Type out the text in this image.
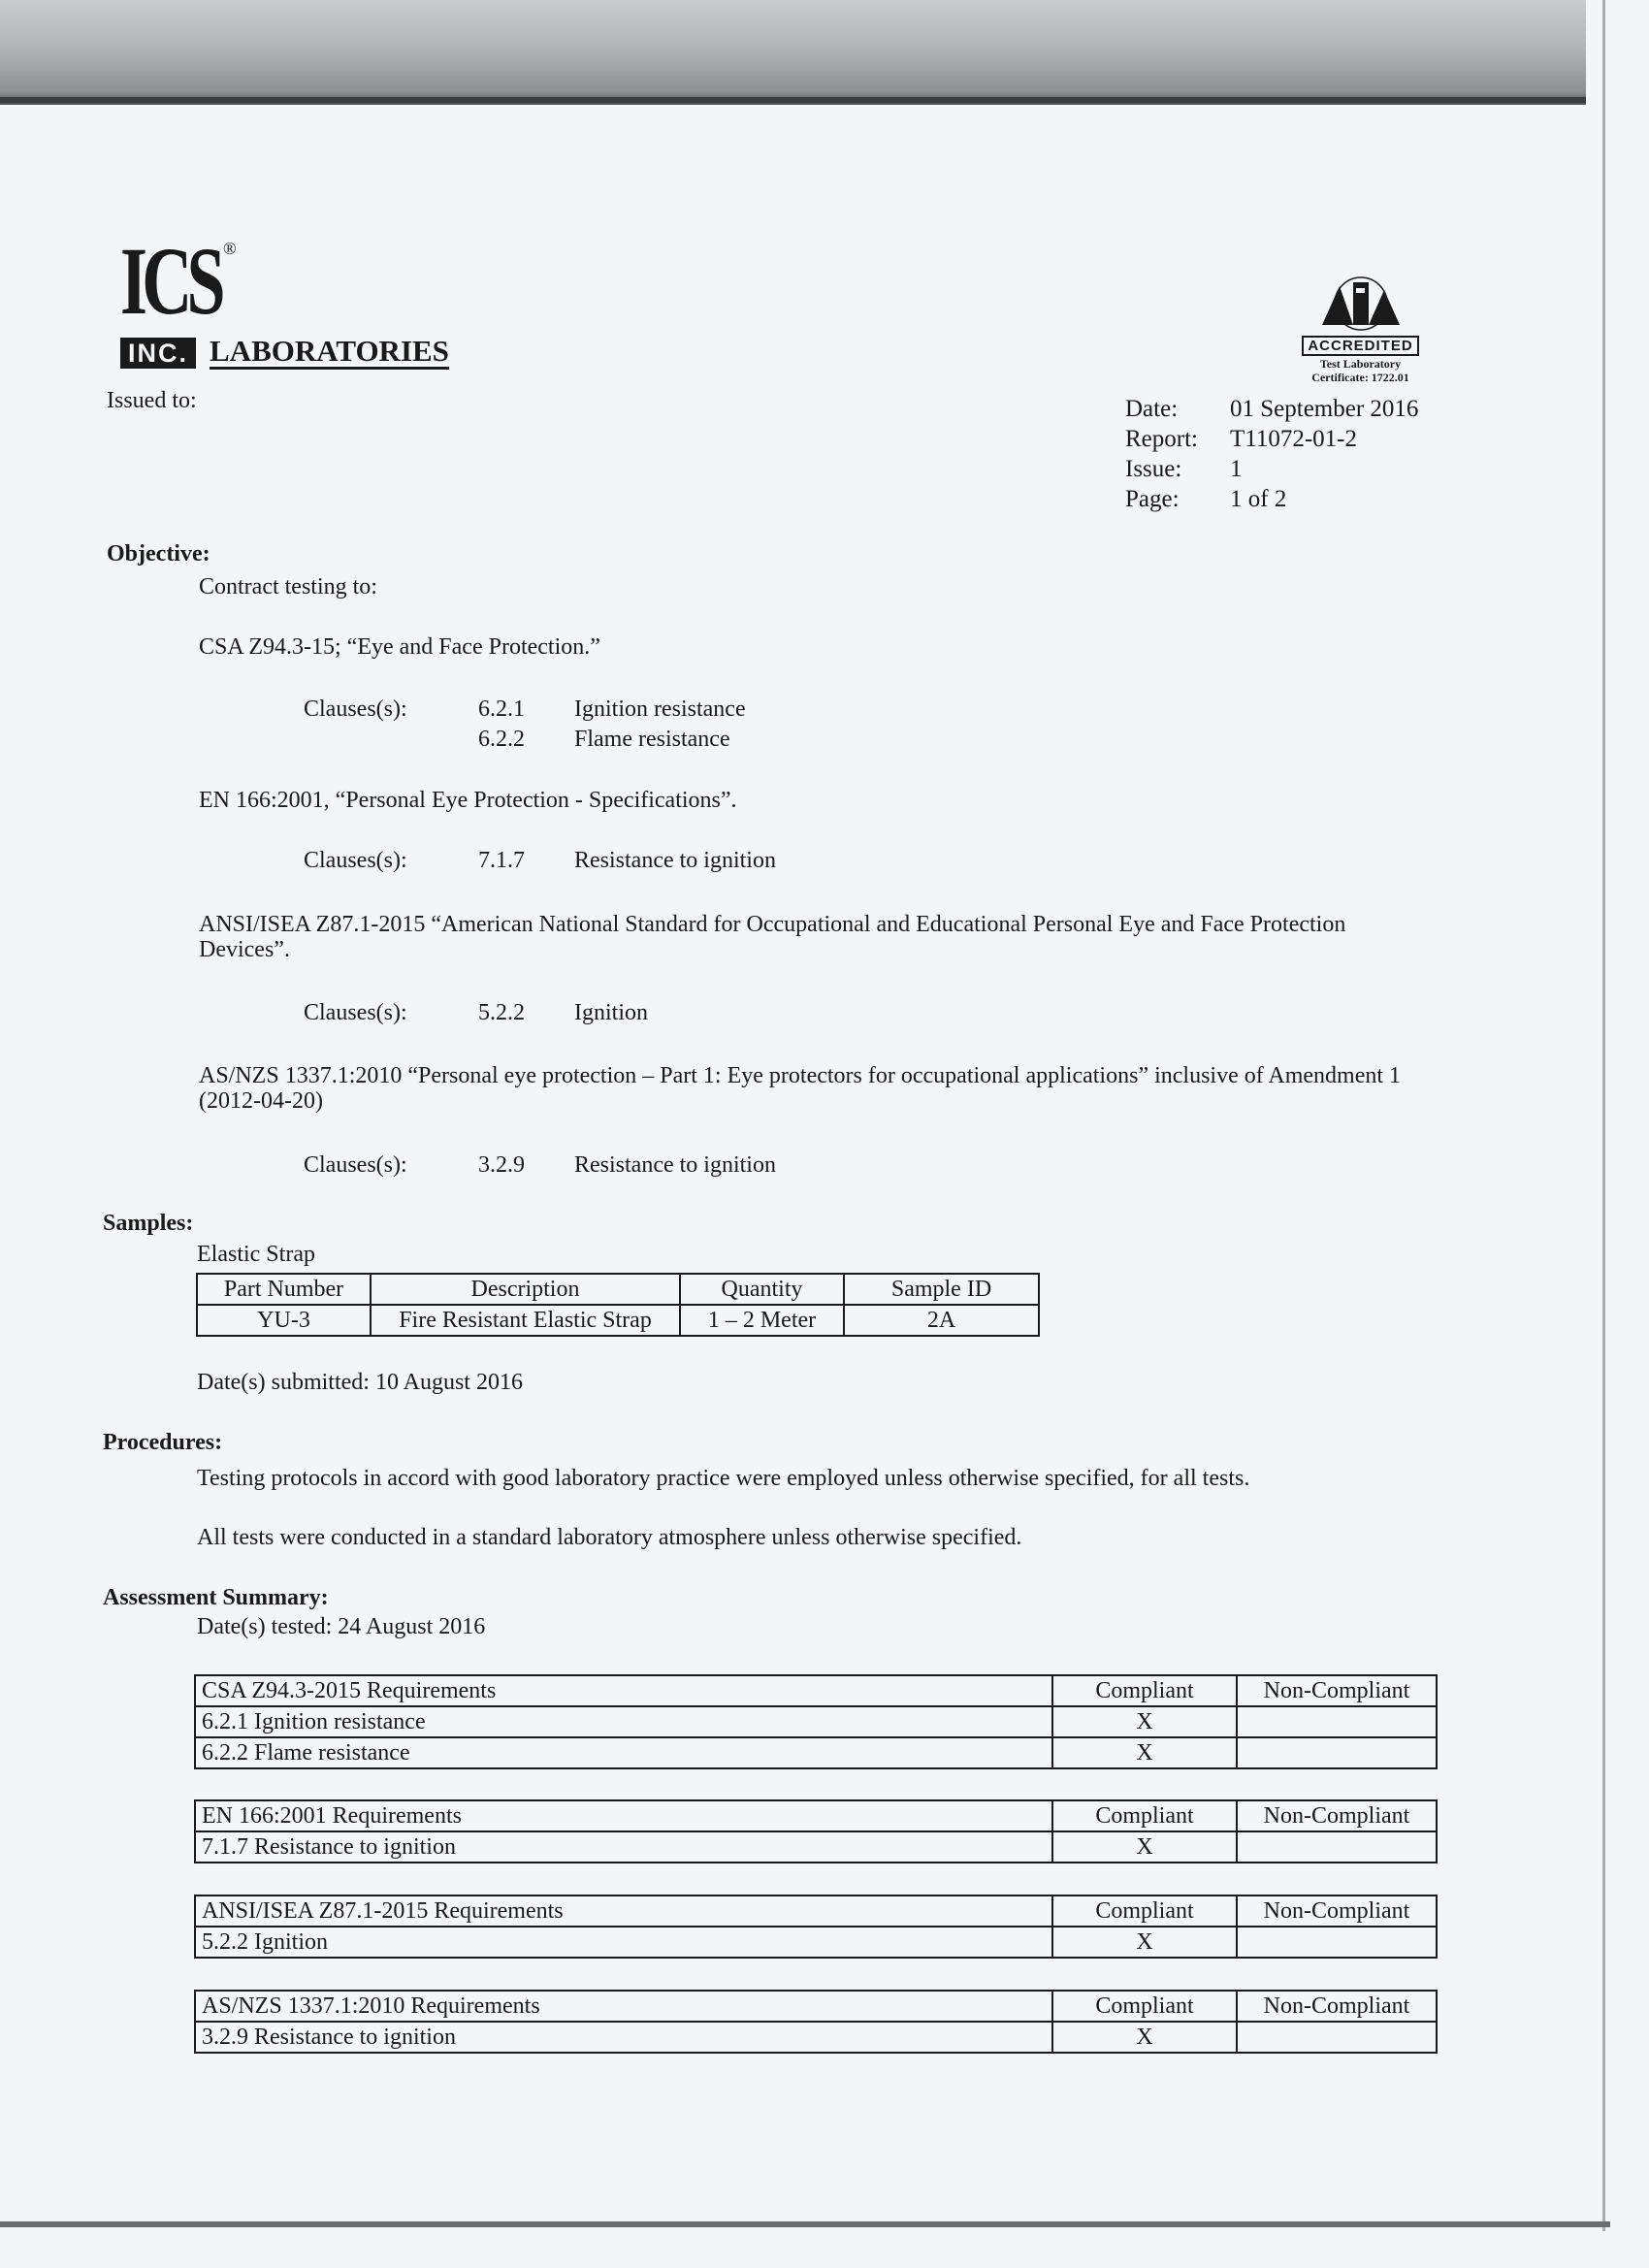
ICS ®
INC. LABORATORIES	ACCREDITED
Test Laboratory
Certificate: 1722.01
Issued to:	Date:	01 September 2016
Report:	T11072-01-2
Issue:	1
Page:	1 of 2
Objective:
Contract testing to:
CSA Z94.3-15; “Eye and Face Protection.”
Clauses(s):	6.2.1 Ignition resistance
6.2.2 Flame resistance
EN 166:2001, “Personal Eye Protection - Specifications”.
Clauses(s):	7.1.7 Resistance to ignition
ANSI/ISEA Z87.1-2015 “American National Standard for Occupational and Educational Personal Eye and Face Protection Devices”.
Clauses(s):	5.2.2 Ignition
AS/NZS 1337.1:2010 “Personal eye protection – Part 1: Eye protectors for occupational applications” inclusive of Amendment 1 (2012-04-20)
Clauses(s):	3.2.9 Resistance to ignition
Samples:
Elastic Strap
Part Number	Description	Quantity	Sample ID
YU-3	Fire Resistant Elastic Strap	1 – 2 Meter	2A
Date(s) submitted: 10 August 2016
Procedures:
Testing protocols in accord with good laboratory practice were employed unless otherwise specified, for all tests.
All tests were conducted in a standard laboratory atmosphere unless otherwise specified.
Assessment Summary:
Date(s) tested: 24 August 2016
CSA Z94.3-2015 Requirements	Compliant	Non-Compliant
6.2.1 Ignition resistance	X	
6.2.2 Flame resistance	X	
EN 166:2001 Requirements	Compliant	Non-Compliant
7.1.7 Resistance to ignition	X	
ANSI/ISEA Z87.1-2015 Requirements	Compliant	Non-Compliant
5.2.2 Ignition	X	
AS/NZS 1337.1:2010 Requirements	Compliant	Non-Compliant
3.2.9 Resistance to ignition	X	
